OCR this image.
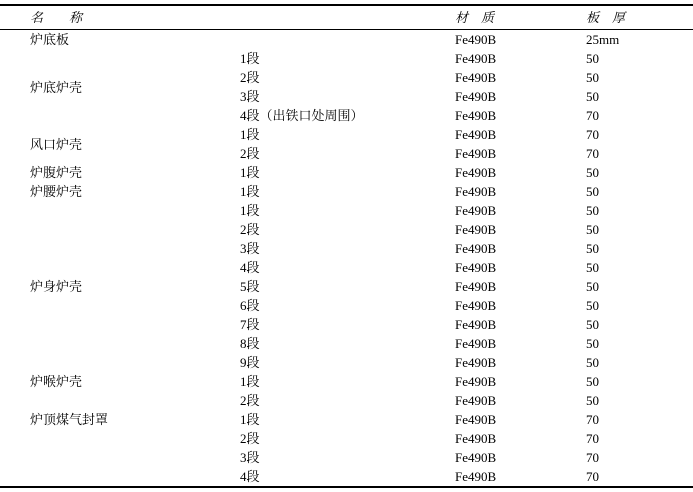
名　　称		材　质	板　厚
炉底板		Fe490B	25mm
炉底炉壳	1段	Fe490B	50
	2段	Fe490B	50
	3段	Fe490B	50
	4段（出铁口处周围）	Fe490B	70
风口炉壳	1段	Fe490B	70
	2段	Fe490B	70
炉腹炉壳	1段	Fe490B	50
炉腰炉壳	1段	Fe490B	50
炉身炉壳	1段	Fe490B	50
	2段	Fe490B	50
	3段	Fe490B	50
	4段	Fe490B	50
	5段	Fe490B	50
	6段	Fe490B	50
	7段	Fe490B	50
	8段	Fe490B	50
	9段	Fe490B	50
炉喉炉壳	1段	Fe490B	50
	2段	Fe490B	50
炉顶煤气封罩	1段	Fe490B	70
	2段	Fe490B	70
	3段	Fe490B	70
	4段	Fe490B	70
